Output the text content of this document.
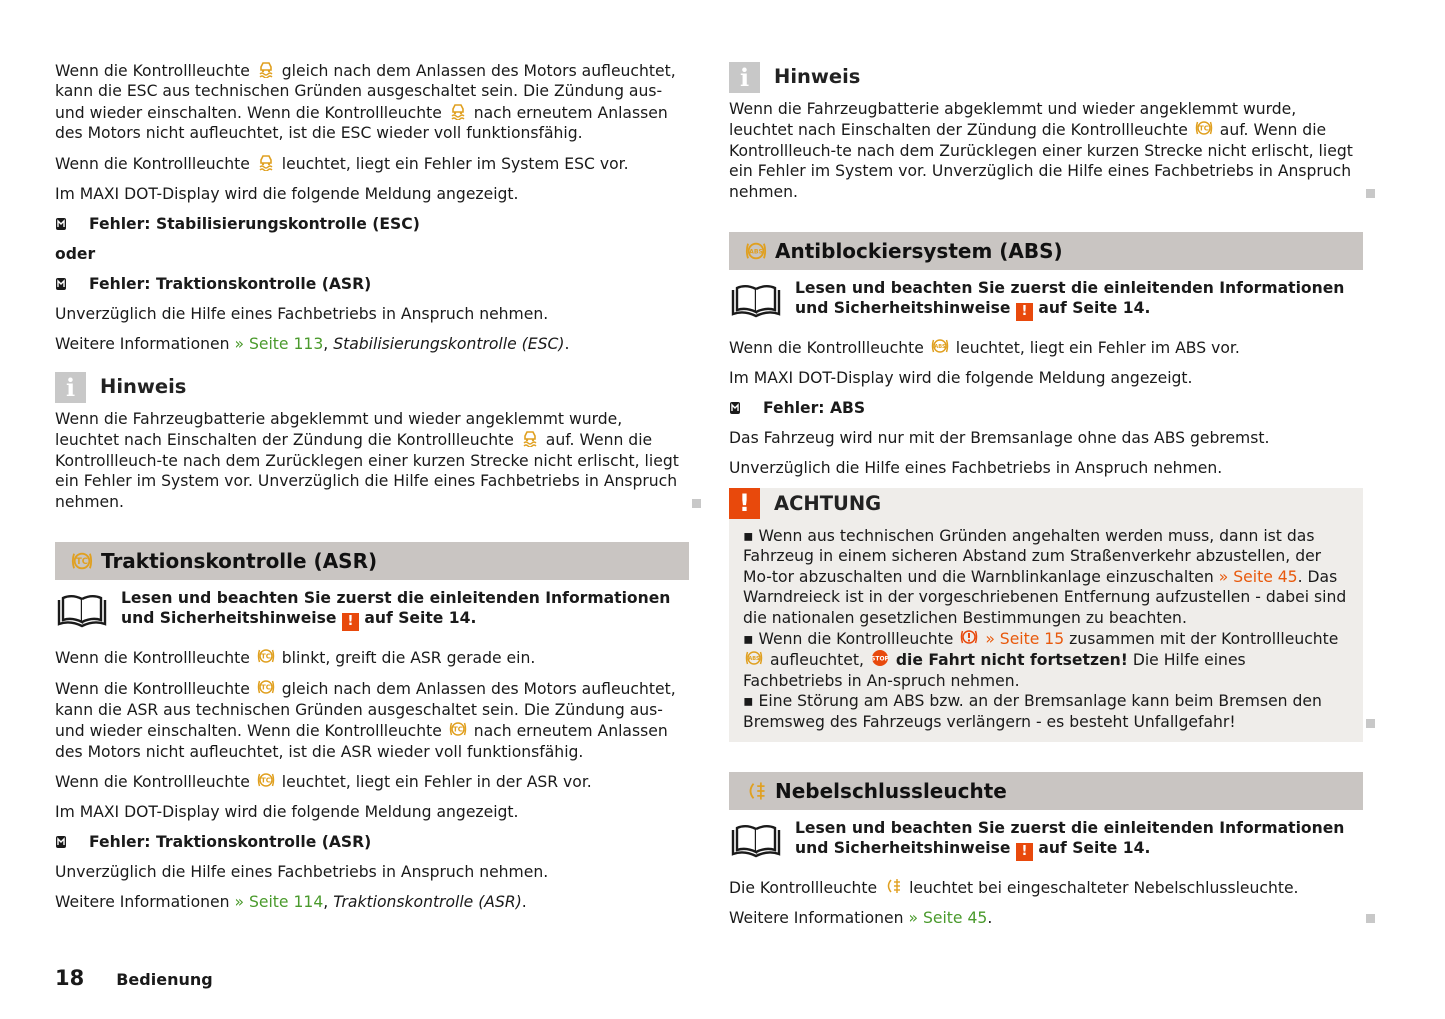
Wenn die Kontrollleuchte gleich nach dem Anlassen des Motors aufleuchtet, kann die ESC aus technischen Gründen ausgeschaltet sein. Die Zündung aus- und wieder einschalten. Wenn die Kontrollleuchte nach erneutem Anlassen des Motors nicht aufleuchtet, ist die ESC wieder voll funktionsfähig.

Wenn die Kontrollleuchte leuchtet, liegt ein Fehler im System ESC vor.

Im MAXI DOT-Display wird die folgende Meldung angezeigt.

Fehler: Stabilisierungskontrolle (ESC)

oder

Fehler: Traktionskontrolle (ASR)

Unverzüglich die Hilfe eines Fachbetriebs in Anspruch nehmen.

Weitere Informationen » Seite 113, Stabilisierungskontrolle (ESC).

i	Hinweis

Wenn die Fahrzeugbatterie abgeklemmt und wieder angeklemmt wurde, leuchtet nach Einschalten der Zündung die Kontrollleuchte auf. Wenn die Kontrollleuch-te nach dem Zurücklegen einer kurzen Strecke nicht erlischt, liegt ein Fehler im System vor. Unverzüglich die Hilfe eines Fachbetriebs in Anspruch nehmen.

Traktionskontrolle (ASR)
Lesen und beachten Sie zuerst die einleitenden Informationen und Sicherheitshinweise ! auf Seite 14.

Wenn die Kontrollleuchte blinkt, greift die ASR gerade ein.

Wenn die Kontrollleuchte gleich nach dem Anlassen des Motors aufleuchtet, kann die ASR aus technischen Gründen ausgeschaltet sein. Die Zündung aus- und wieder einschalten. Wenn die Kontrollleuchte nach erneutem Anlassen des Motors nicht aufleuchtet, ist die ASR wieder voll funktionsfähig.

Wenn die Kontrollleuchte leuchtet, liegt ein Fehler in der ASR vor.

Im MAXI DOT-Display wird die folgende Meldung angezeigt.

Fehler: Traktionskontrolle (ASR)

Unverzüglich die Hilfe eines Fachbetriebs in Anspruch nehmen.

Weitere Informationen » Seite 114, Traktionskontrolle (ASR).

i	Hinweis

Wenn die Fahrzeugbatterie abgeklemmt und wieder angeklemmt wurde, leuchtet nach Einschalten der Zündung die Kontrollleuchte auf. Wenn die Kontrollleuch-te nach dem Zurücklegen einer kurzen Strecke nicht erlischt, liegt ein Fehler im System vor. Unverzüglich die Hilfe eines Fachbetriebs in Anspruch nehmen.

Antiblockiersystem (ABS)
Lesen und beachten Sie zuerst die einleitenden Informationen und Sicherheitshinweise ! auf Seite 14.

Wenn die Kontrollleuchte leuchtet, liegt ein Fehler im ABS vor.

Im MAXI DOT-Display wird die folgende Meldung angezeigt.

Fehler: ABS

Das Fahrzeug wird nur mit der Bremsanlage ohne das ABS gebremst.

Unverzüglich die Hilfe eines Fachbetriebs in Anspruch nehmen.

!	ACHTUNG
▪ Wenn aus technischen Gründen angehalten werden muss, dann ist das Fahrzeug in einem sicheren Abstand zum Straßenverkehr abzustellen, der Mo-tor abzuschalten und die Warnblinkanlage einzuschalten » Seite 45. Das Warndreieck ist in der vorgeschriebenen Entfernung aufzustellen - dabei sind die nationalen gesetzlichen Bestimmungen zu beachten.
▪ Wenn die Kontrollleuchte » Seite 15 zusammen mit der Kontrollleuchte  aufleuchtet, die Fahrt nicht fortsetzen! Die Hilfe eines Fachbetriebs in An-spruch nehmen.
▪ Eine Störung am ABS bzw. an der Bremsanlage kann beim Bremsen den Bremsweg des Fahrzeugs verlängern - es besteht Unfallgefahr!
Nebelschlussleuchte
Lesen und beachten Sie zuerst die einleitenden Informationen und Sicherheitshinweise ! auf Seite 14.

Die Kontrollleuchte leuchtet bei eingeschalteter Nebelschlussleuchte.

Weitere Informationen » Seite 45.

18 Bedienung
